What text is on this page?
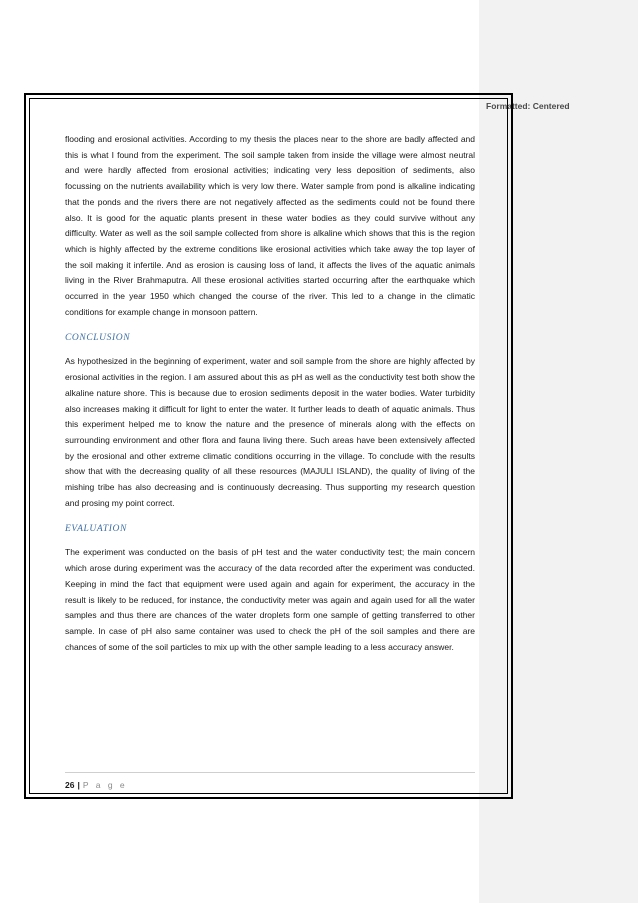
Formatted: Centered

flooding and erosional activities. According to my thesis the places near to the shore are badly affected and this is what I found from the experiment. The soil sample taken from inside the village were almost neutral and were hardly affected from erosional activities; indicating very less deposition of sediments, also focussing on the nutrients availability which is very low there. Water sample from pond is alkaline indicating that the ponds and the rivers there are not negatively affected as the sediments could not be found there also. It is good for the aquatic plants present in these water bodies as they could survive without any difficulty. Water as well as the soil sample collected from shore is alkaline which shows that this is the region which is highly affected by the extreme conditions like erosional activities which take away the top layer of the soil making it infertile. And as erosion is causing loss of land, it affects the lives of the aquatic animals living in the River Brahmaputra. All these erosional activities started occurring after the earthquake which occurred in the year 1950 which changed the course of the river. This led to a change in the climatic conditions for example change in monsoon pattern.

CONCLUSION

As hypothesized in the beginning of experiment, water and soil sample from the shore are highly affected by erosional activities in the region. I am assured about this as pH as well as the conductivity test both show the alkaline nature shore. This is because due to erosion sediments deposit in the water bodies. Water turbidity also increases making it difficult for light to enter the water. It further leads to death of aquatic animals. Thus this experiment helped me to know the nature and the presence of minerals along with the effects on surrounding environment and other flora and fauna living there. Such areas have been extensively affected by the erosional and other extreme climatic conditions occurring in the village. To conclude with the results show that with the decreasing quality of all these resources (MAJULI ISLAND), the quality of living of the mishing tribe has also decreasing and is continuously decreasing. Thus supporting my research question and prosing my point correct.

EVALUATION

The experiment was conducted on the basis of pH test and the water conductivity test; the main concern which arose during experiment was the accuracy of the data recorded after the experiment was conducted. Keeping in mind the fact that equipment were used again and again for experiment, the accuracy in the result is likely to be reduced, for instance, the conductivity meter was again and again used for all the water samples and thus there are chances of the water droplets form one sample of getting transferred to other sample. In case of pH also same container was used to check the pH of the soil samples and there are chances of some of the soil particles to mix up with the other sample leading to a less accuracy answer.

26 | P a g e
